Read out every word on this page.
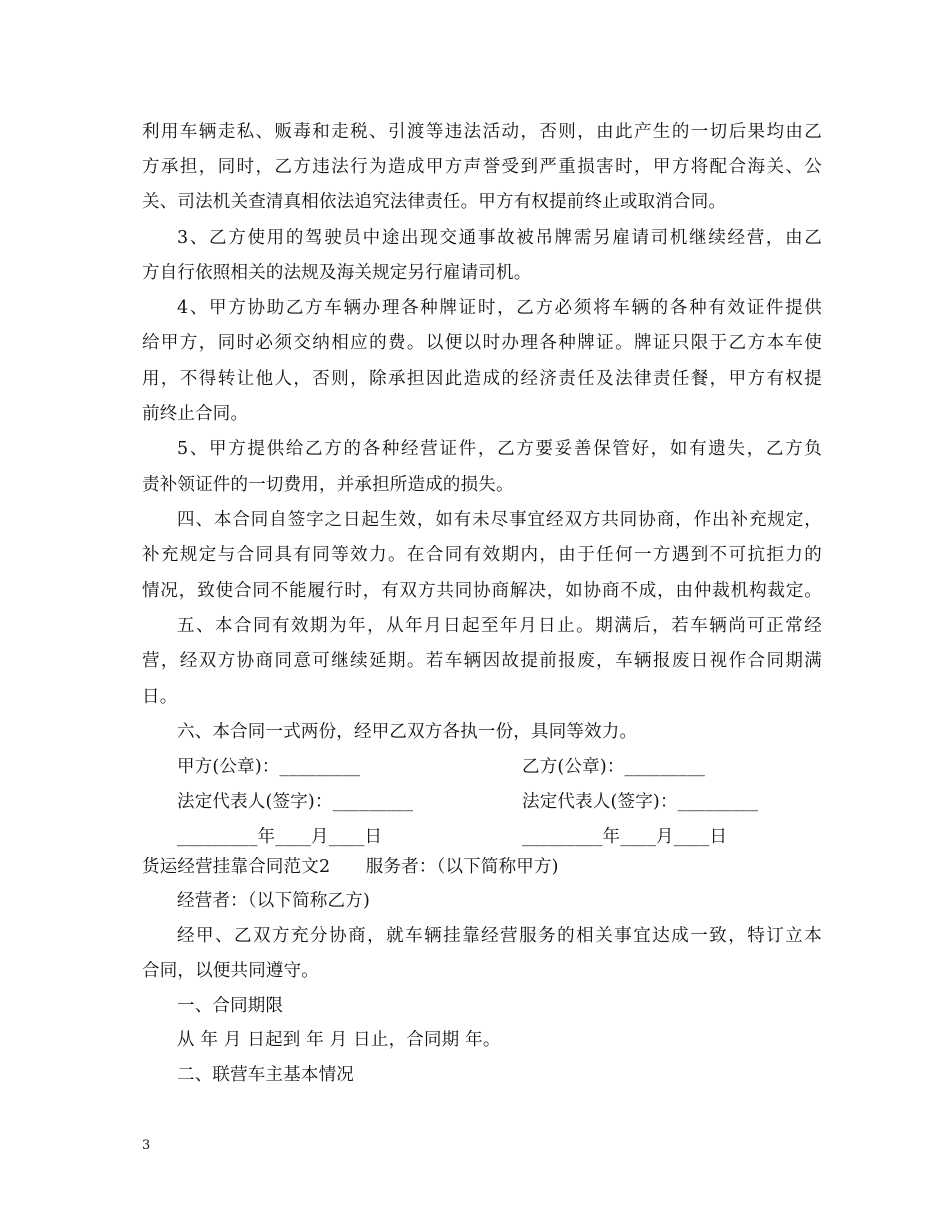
利用车辆走私、贩毒和走税、引渡等违法活动，否则，由此产生的一切后果均由乙
方承担，同时，乙方违法行为造成甲方声誉受到严重损害时，甲方将配合海关、公
关、司法机关查清真相依法追究法律责任。甲方有权提前终止或取消合同。
3、乙方使用的驾驶员中途出现交通事故被吊牌需另雇请司机继续经营，由乙
方自行依照相关的法规及海关规定另行雇请司机。
4、甲方协助乙方车辆办理各种牌证时，乙方必须将车辆的各种有效证件提供
给甲方，同时必须交纳相应的费。以便以时办理各种牌证。牌证只限于乙方本车使
用，不得转让他人，否则，除承担因此造成的经济责任及法律责任餐，甲方有权提
前终止合同。
5、甲方提供给乙方的各种经营证件，乙方要妥善保管好，如有遗失，乙方负
责补领证件的一切费用，并承担所造成的损失。
四、本合同自签字之日起生效，如有未尽事宜经双方共同协商，作出补充规定，
补充规定与合同具有同等效力。在合同有效期内，由于任何一方遇到不可抗拒力的
情况，致使合同不能履行时，有双方共同协商解决，如协商不成，由仲裁机构裁定。
五、本合同有效期为年，从年月日起至年月日止。期满后，若车辆尚可正常经
营，经双方协商同意可继续延期。若车辆因故提前报废，车辆报废日视作合同期满
日。
六、本合同一式两份，经甲乙双方各执一份，具同等效力。
甲方(公章)：_________	乙方(公章)：_________
法定代表人(签字)：_________	法定代表人(签字)：_________
_________年____月____日	_________年____月____日
货运经营挂靠合同范文2　　服务者：（以下简称甲方)
经营者：（以下简称乙方)
经甲、乙双方充分协商，就车辆挂靠经营服务的相关事宜达成一致，特订立本
合同，以便共同遵守。
一、合同期限
从 年 月 日起到 年 月 日止，合同期 年。
二、联营车主基本情况
3
